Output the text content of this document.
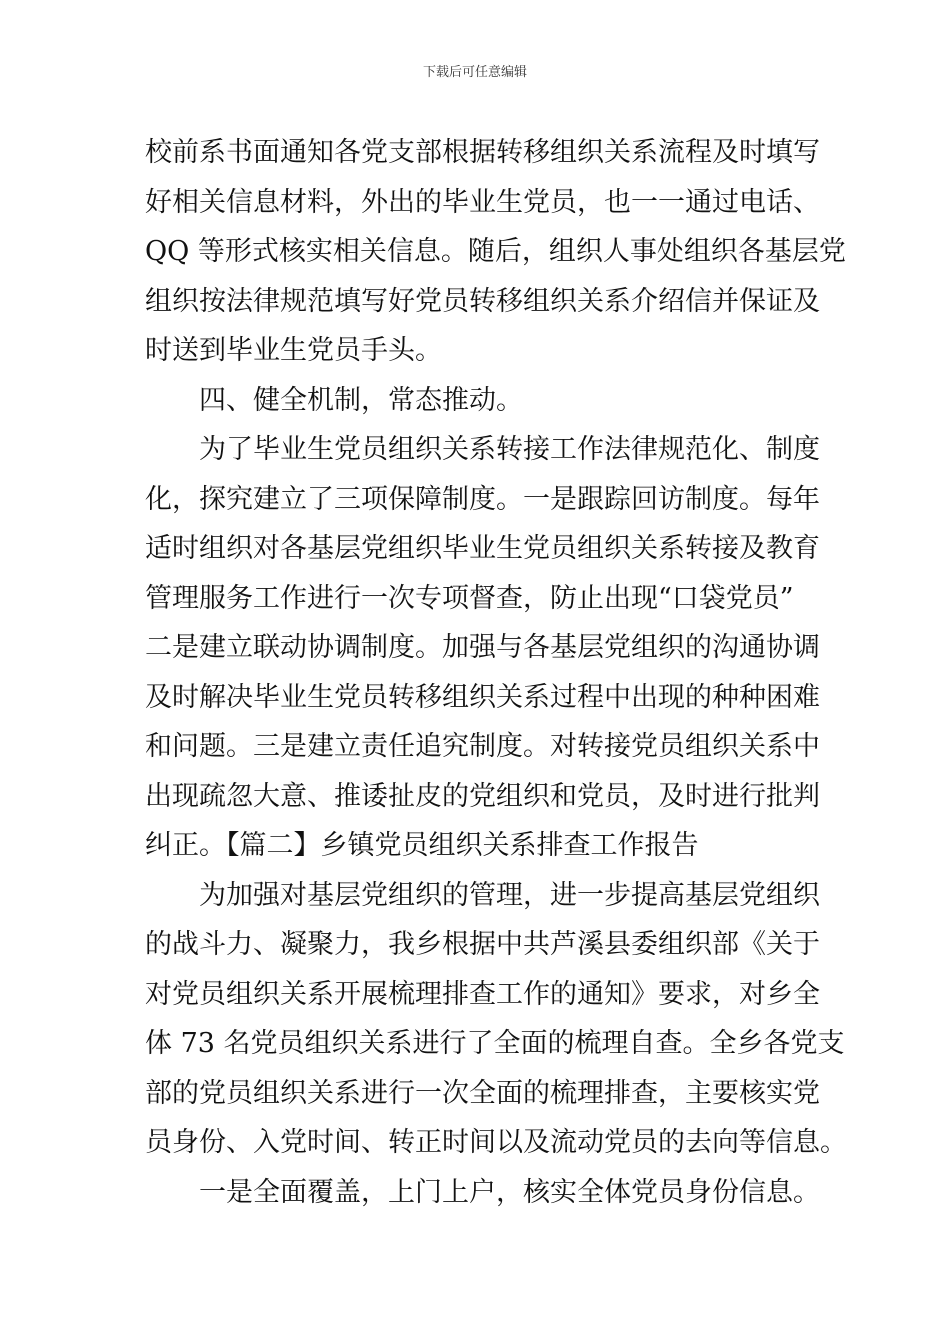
下载后可任意编辑
校前系书面通知各党支部根据转移组织关系流程及时填写
好相关信息材料，外出的毕业生党员，也一一通过电话、
QQ 等形式核实相关信息。随后，组织人事处组织各基层党
组织按法律规范填写好党员转移组织关系介绍信并保证及
时送到毕业生党员手头。
四、健全机制，常态推动。
为了毕业生党员组织关系转接工作法律规范化、制度
化，探究建立了三项保障制度。一是跟踪回访制度。每年
适时组织对各基层党组织毕业生党员组织关系转接及教育
管理服务工作进行一次专项督查，防止出现“口袋党员”
二是建立联动协调制度。加强与各基层党组织的沟通协调
及时解决毕业生党员转移组织关系过程中出现的种种困难
和问题。三是建立责任追究制度。对转接党员组织关系中
出现疏忽大意、推诿扯皮的党组织和党员，及时进行批判
纠正。【篇二】乡镇党员组织关系排查工作报告
为加强对基层党组织的管理，进一步提高基层党组织
的战斗力、凝聚力，我乡根据中共芦溪县委组织部《关于
对党员组织关系开展梳理排查工作的通知》要求，对乡全
体 73 名党员组织关系进行了全面的梳理自查。全乡各党支
部的党员组织关系进行一次全面的梳理排查，主要核实党
员身份、入党时间、转正时间以及流动党员的去向等信息。
一是全面覆盖，上门上户，核实全体党员身份信息。
